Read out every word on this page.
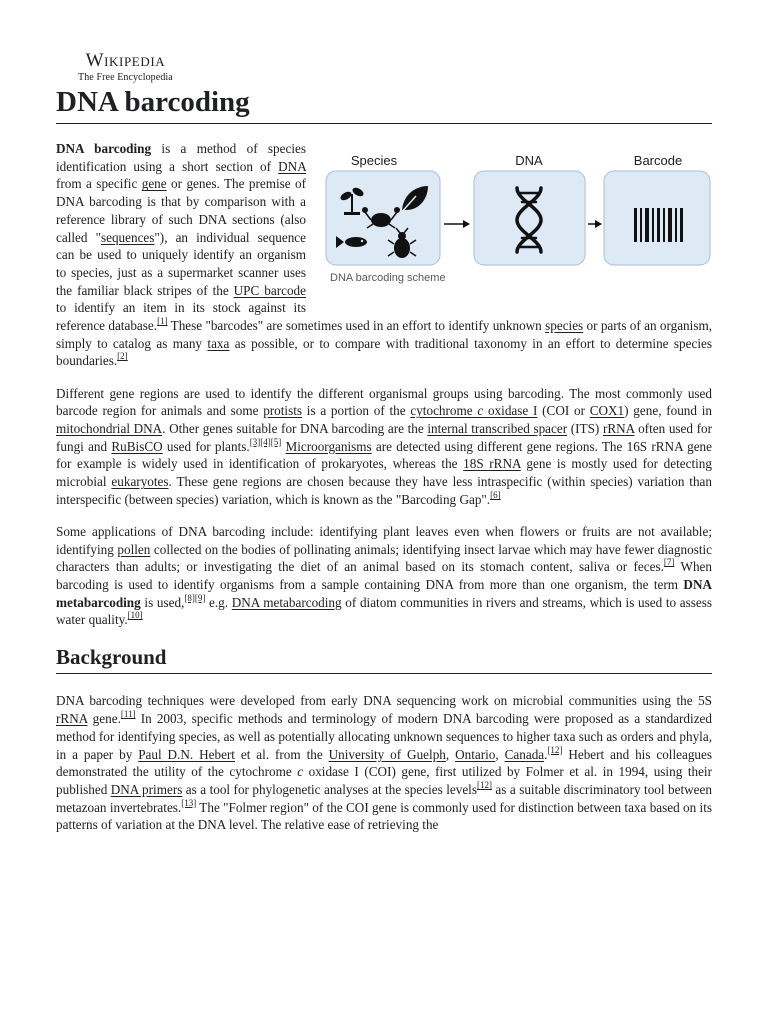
Wikipedia
The Free Encyclopedia
DNA barcoding
Species	DNA	Barcode
DNA barcoding scheme

DNA barcoding is a method of species identification using a short section of DNA from a specific gene or genes. The premise of DNA barcoding is that by comparison with a reference library of such DNA sections (also called "sequences"), an individual sequence can be used to uniquely identify an organism to species, just as a supermarket scanner uses the familiar black stripes of the UPC barcode to identify an item in its stock against its reference database.[1] These "barcodes" are sometimes used in an effort to identify unknown species or parts of an organism, simply to catalog as many taxa as possible, or to compare with traditional taxonomy in an effort to determine species boundaries.[2]

Different gene regions are used to identify the different organismal groups using barcoding. The most commonly used barcode region for animals and some protists is a portion of the cytochrome c oxidase I (COI or COX1) gene, found in mitochondrial DNA. Other genes suitable for DNA barcoding are the internal transcribed spacer (ITS) rRNA often used for fungi and RuBisCO used for plants.[3][4][5] Microorganisms are detected using different gene regions. The 16S rRNA gene for example is widely used in identification of prokaryotes, whereas the 18S rRNA gene is mostly used for detecting microbial eukaryotes. These gene regions are chosen because they have less intraspecific (within species) variation than interspecific (between species) variation, which is known as the "Barcoding Gap".[6]

Some applications of DNA barcoding include: identifying plant leaves even when flowers or fruits are not available; identifying pollen collected on the bodies of pollinating animals; identifying insect larvae which may have fewer diagnostic characters than adults; or investigating the diet of an animal based on its stomach content, saliva or feces.[7] When barcoding is used to identify organisms from a sample containing DNA from more than one organism, the term DNA metabarcoding is used,[8][9] e.g. DNA metabarcoding of diatom communities in rivers and streams, which is used to assess water quality.[10]

Background

DNA barcoding techniques were developed from early DNA sequencing work on microbial communities using the 5S rRNA gene.[11] In 2003, specific methods and terminology of modern DNA barcoding were proposed as a standardized method for identifying species, as well as potentially allocating unknown sequences to higher taxa such as orders and phyla, in a paper by Paul D.N. Hebert et al. from the University of Guelph, Ontario, Canada.[12] Hebert and his colleagues demonstrated the utility of the cytochrome c oxidase I (COI) gene, first utilized by Folmer et al. in 1994, using their published DNA primers as a tool for phylogenetic analyses at the species levels[12] as a suitable discriminatory tool between metazoan invertebrates.[13] The "Folmer region" of the COI gene is commonly used for distinction between taxa based on its patterns of variation at the DNA level. The relative ease of retrieving the
